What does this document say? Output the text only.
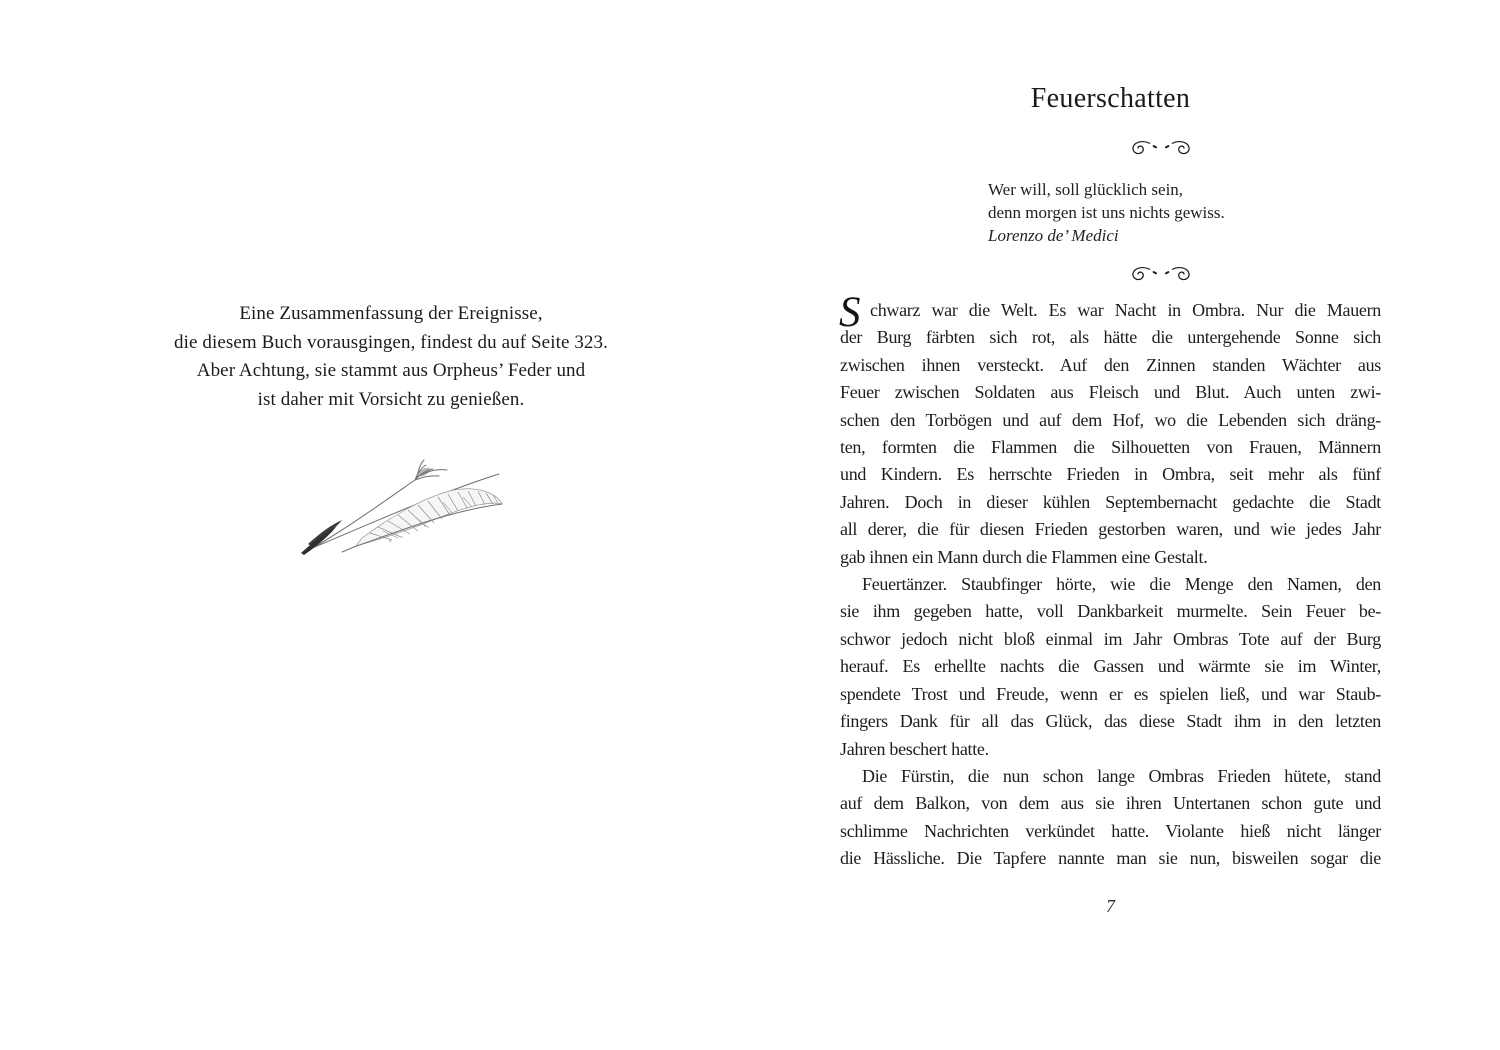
Eine Zusammenfassung der Ereignisse,
die diesem Buch vorausgingen, findest du auf Seite 323.
Aber Achtung, sie stammt aus Orpheus’ Feder und
ist daher mit Vorsicht zu genießen.
Feuerschatten
Wer will, soll glücklich sein,
denn morgen ist uns nichts gewiss.
Lorenzo de’ Medici
S chwarz war die Welt. Es war Nacht in Ombra. Nur die Mauern
der Burg färbten sich rot, als hätte die untergehende Sonne sich
zwischen ihnen versteckt. Auf den Zinnen standen Wächter aus
Feuer zwischen Soldaten aus Fleisch und Blut. Auch unten zwi-
schen den Torbögen und auf dem Hof, wo die Lebenden sich dräng-
ten, formten die Flammen die Silhouetten von Frauen, Männern
und Kindern. Es herrschte Frieden in Ombra, seit mehr als fünf
Jahren. Doch in dieser kühlen Septembernacht gedachte die Stadt
all derer, die für diesen Frieden gestorben waren, und wie jedes Jahr
gab ihnen ein Mann durch die Flammen eine Gestalt.
Feuertänzer. Staubfinger hörte, wie die Menge den Namen, den
sie ihm gegeben hatte, voll Dankbarkeit murmelte. Sein Feuer be-
schwor jedoch nicht bloß einmal im Jahr Ombras Tote auf der Burg
herauf. Es erhellte nachts die Gassen und wärmte sie im Winter,
spendete Trost und Freude, wenn er es spielen ließ, und war Staub-
fingers Dank für all das Glück, das diese Stadt ihm in den letzten
Jahren beschert hatte.
Die Fürstin, die nun schon lange Ombras Frieden hütete, stand
auf dem Balkon, von dem aus sie ihren Untertanen schon gute und
schlimme Nachrichten verkündet hatte. Violante hieß nicht länger
die Hässliche. Die Tapfere nannte man sie nun, bisweilen sogar die
7
